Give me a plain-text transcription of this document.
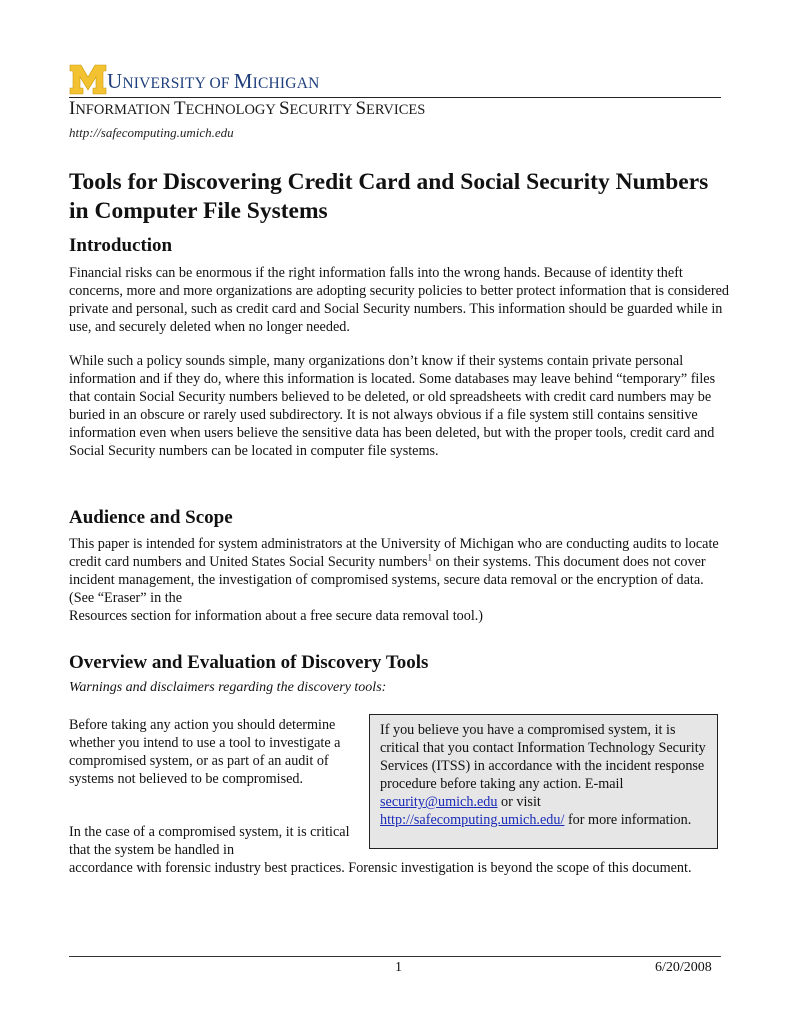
UNIVERSITY OF MICHIGAN
INFORMATION TECHNOLOGY SECURITY SERVICES
http://safecomputing.umich.edu
Tools for Discovering Credit Card and Social Security Numbers in Computer File Systems
Introduction

Financial risks can be enormous if the right information falls into the wrong hands. Because of identity theft concerns, more and more organizations are adopting security policies to better protect information that is considered private and personal, such as credit card and Social Security numbers. This information should be guarded while in use, and securely deleted when no longer needed.

While such a policy sounds simple, many organizations don’t know if their systems contain private personal information and if they do, where this information is located. Some databases may leave behind “temporary” files that contain Social Security numbers believed to be deleted, or old spreadsheets with credit card numbers may be buried in an obscure or rarely used subdirectory. It is not always obvious if a file system still contains sensitive information even when users believe the sensitive data has been deleted, but with the proper tools, credit card and Social Security numbers can be located in computer file systems.

Audience and Scope

This paper is intended for system administrators at the University of Michigan who are conducting audits to locate credit card numbers and United States Social Security numbers$^1$ on their systems. This document does not cover incident management, the investigation of compromised systems, secure data removal or the encryption of data. (See “Eraser” in the

Resources section for information about a free secure data removal tool.)

Overview and Evaluation of Discovery Tools
Warnings and disclaimers regarding the discovery tools:

Before taking any action you should determine whether you intend to use a tool to investigate a compromised system, or as part of an audit of systems not believed to be compromised.

In the case of a compromised system, it is critical that the system be handled in

accordance with forensic industry best practices. Forensic investigation is beyond the scope of this document.

If you believe you have a compromised system, it is critical that you contact Information Technology Security Services (ITSS) in accordance with the incident response procedure before taking any action. E-mail security@umich.edu or visit http://safecomputing.umich.edu/ for more information.
1	6/20/2008
